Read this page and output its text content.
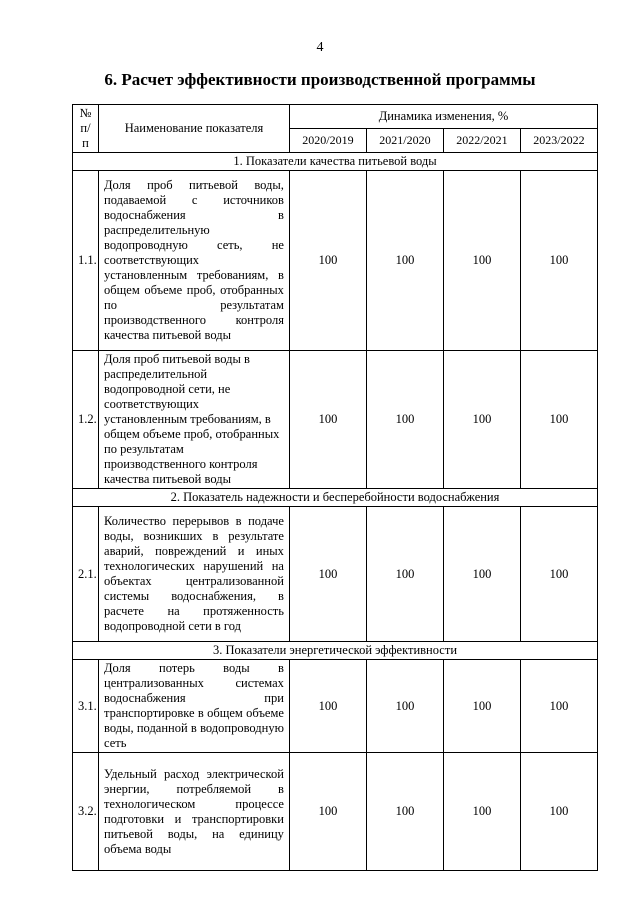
4
6. Расчет эффективности производственной программы
№ п/п	Наименование показателя	Динамика изменения, %			
		2020/2019	2021/2020	2022/2021	2023/2022
1. Показатели качества питьевой воды					
1.1.	Доля проб питьевой воды, подаваемой с источников водоснабжения в распределительную водопроводную сеть, не соответствующих установленным требованиям, в общем объеме проб, отобранных по результатам производственного контроля качества питьевой воды	100	100	100	100
1.2.	Доля проб питьевой воды в распределительной водопроводной сети, не соответствующих установленным требованиям, в общем объеме проб, отобранных по результатам производственного контроля качества питьевой воды	100	100	100	100
2. Показатель надежности и бесперебойности водоснабжения					
2.1.	Количество перерывов в подаче воды, возникших в результате аварий, повреждений и иных технологических нарушений на объектах централизованной системы водоснабжения, в расчете на протяженность водопроводной сети в год	100	100	100	100
3. Показатели энергетической эффективности					
3.1.	Доля потерь воды в централизованных системах водоснабжения при транспортировке в общем объеме воды, поданной в водопроводную сеть	100	100	100	100
3.2.	Удельный расход электрической энергии, потребляемой в технологическом процессе подготовки и транспортировки питьевой воды, на единицу объема воды	100	100	100	100
